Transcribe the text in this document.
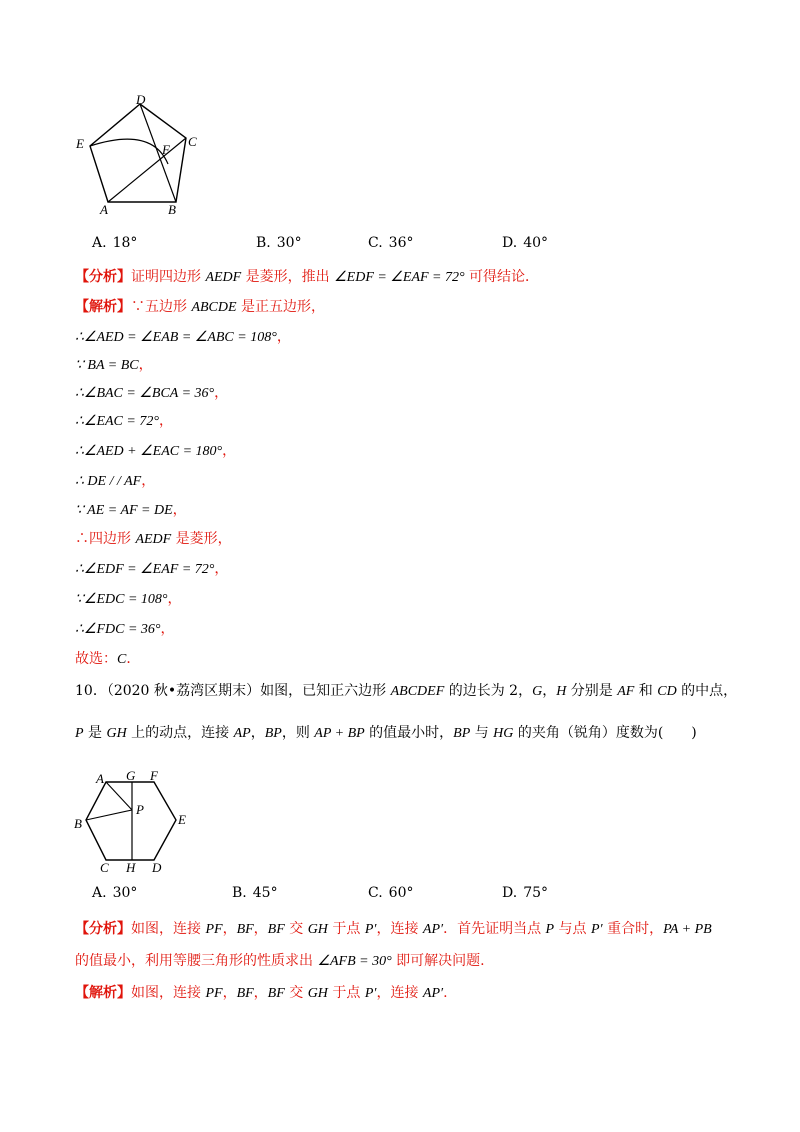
D
E	C
F
A	B
A. 18°	B. 30°	C. 36°	D. 40°
【分析】证明四边形 AEDF 是菱形，推出 ∠EDF = ∠EAF = 72° 可得结论．
【解析】∵五边形 ABCDE 是正五边形，
∴∠AED = ∠EAB = ∠ABC = 108°，
∵ BA = BC，
∴∠BAC = ∠BCA = 36°，
∴∠EAC = 72°，
∴∠AED + ∠EAC = 180°，
∴ DE / / AF，
∵ AE = AF = DE，
∴四边形 AEDF 是菱形，
∴∠EDF = ∠EAF = 72°，
∵∠EDC = 108°，
∴∠FDC = 36°，
故选：C．
10．（2020 秋•荔湾区期末）如图，已知正六边形 ABCDEF 的边长为 2，G，H 分别是 AF 和 CD 的中点，
P 是 GH 上的动点，连接 AP，BP，则 AP + BP 的值最小时，BP 与 HG 的夹角（锐角）度数为(　　)
A G F
B
P
E
C H D
A. 30°	B. 45°	C. 60°	D. 75°
【分析】如图，连接 PF，BF，BF 交 GH 于点 P′，连接 AP′．首先证明当点 P 与点 P′ 重合时，PA + PB
的值最小，利用等腰三角形的性质求出 ∠AFB = 30° 即可解决问题.
【解析】如图，连接 PF，BF，BF 交 GH 于点 P′，连接 AP′.
